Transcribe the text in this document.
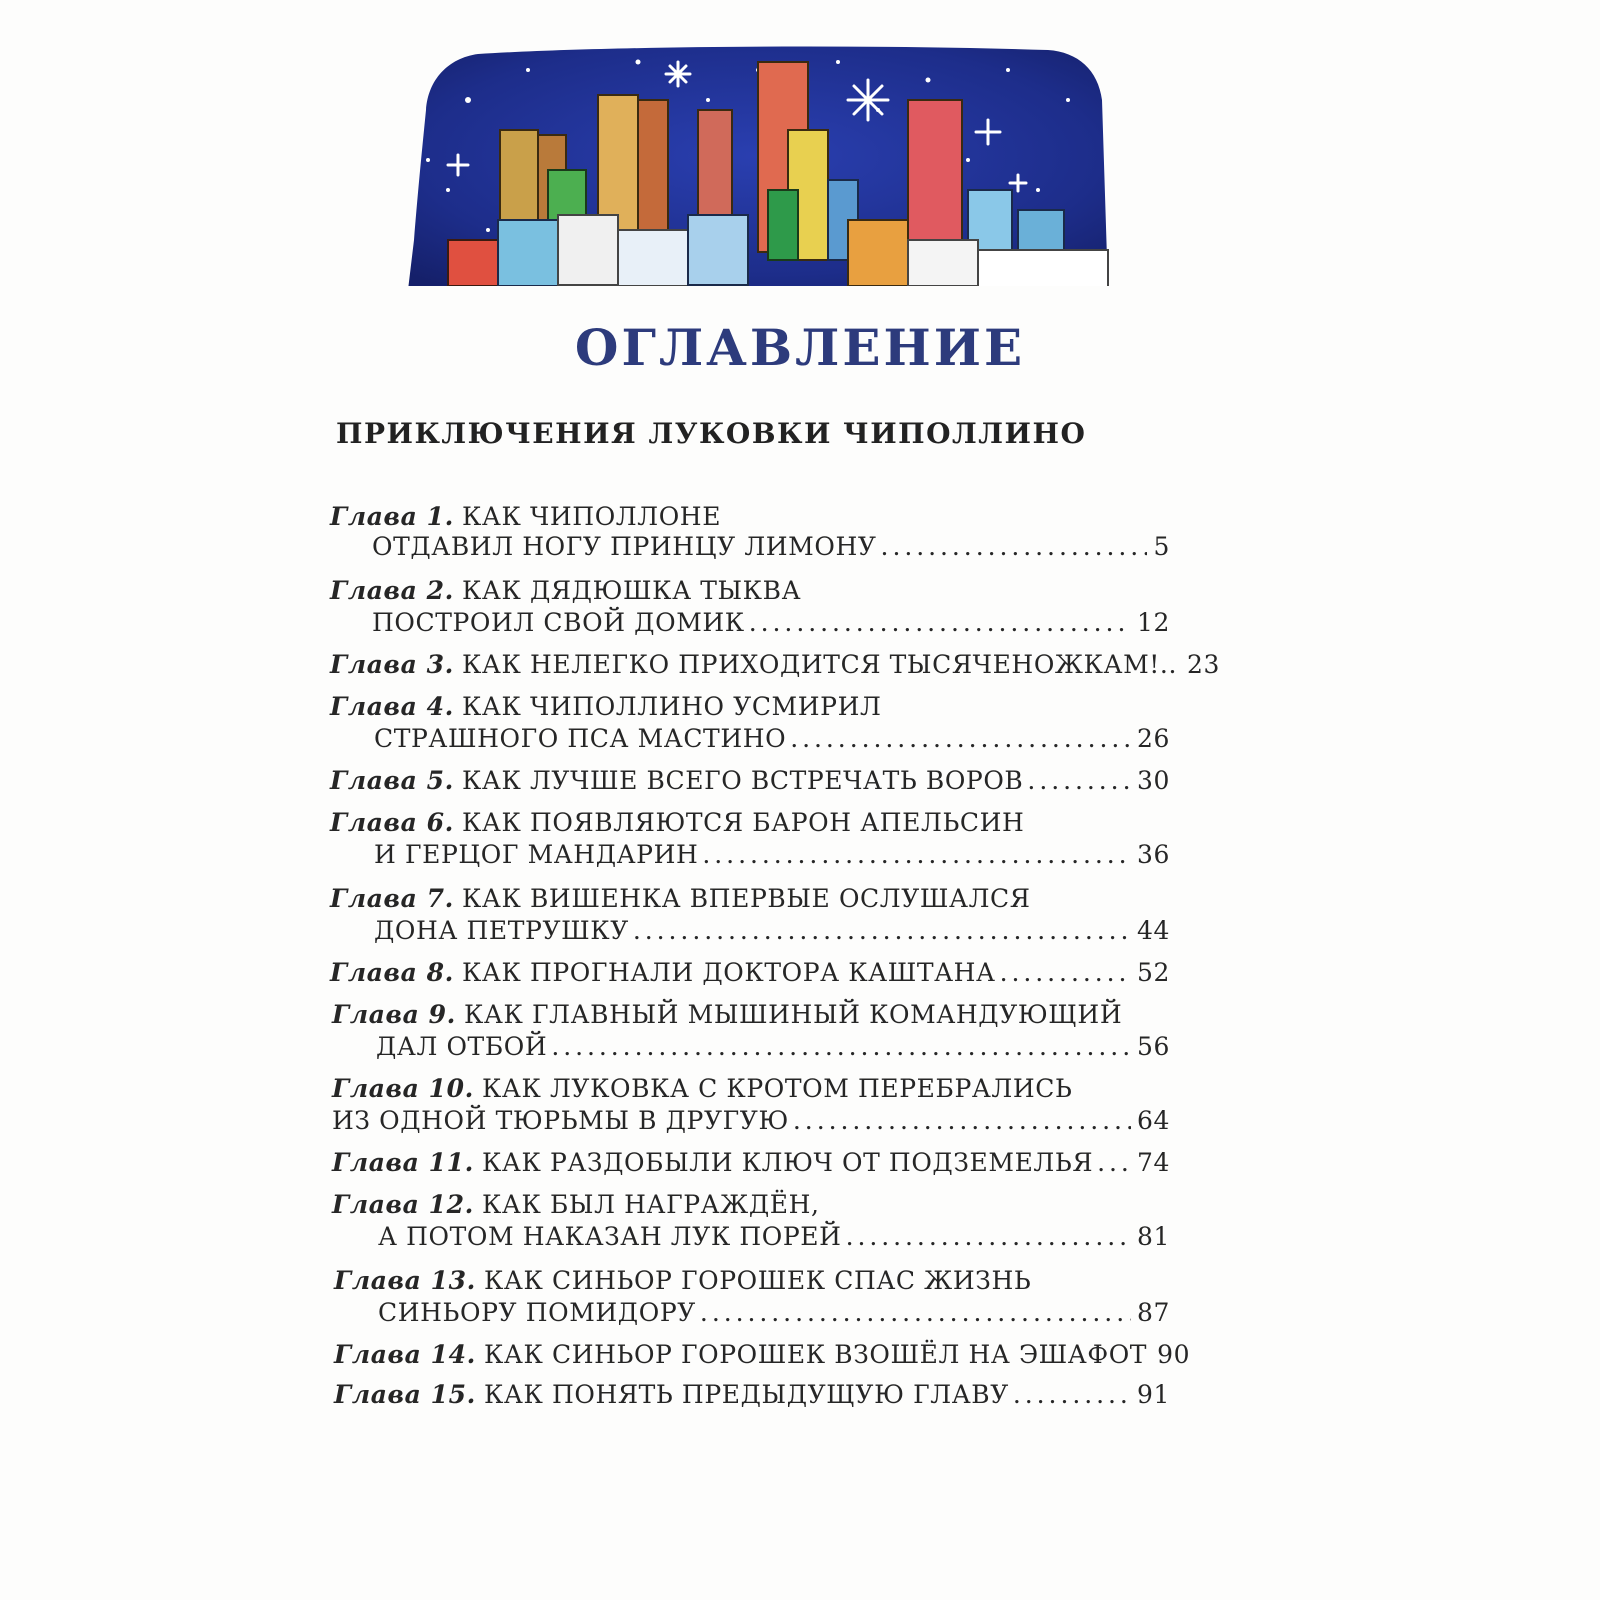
ОГЛАВЛЕНИЕ
ПРИКЛЮЧЕНИЯ ЛУКОВКИ ЧИПОЛЛИНО
Глава 1. КАК ЧИПОЛЛОНЕ
ОТДАВИЛ НОГУ ПРИНЦУ ЛИМОНУ . . .	5
Глава 2. КАК ДЯДЮШКА ТЫКВА
ПОСТРОИЛ СВОЙ ДОМИК . . .	12
Глава 3. КАК НЕЛЕГКО ПРИХОДИТСЯ ТЫСЯЧЕНОЖКАМ!.. 23
Глава 4. КАК ЧИПОЛЛИНО УСМИРИЛ
СТРАШНОГО ПСА МАСТИНО . . .	26
Глава 5. КАК ЛУЧШЕ ВСЕГО ВСТРЕЧАТЬ ВОРОВ . . .	30
Глава 6. КАК ПОЯВЛЯЮТСЯ БАРОН АПЕЛЬСИН
И ГЕРЦОГ МАНДАРИН . . .	36
Глава 7. КАК ВИШЕНКА ВПЕРВЫЕ ОСЛУШАЛСЯ
ДОНА ПЕТРУШКУ . . .	44
Глава 8. КАК ПРОГНАЛИ ДОКТОРА КАШТАНА . . .	52
Глава 9. КАК ГЛАВНЫЙ МЫШИНЫЙ КОМАНДУЮЩИЙ
ДАЛ ОТБОЙ . . .	56
Глава 10. КАК ЛУКОВКА С КРОТОМ ПЕРЕБРАЛИСЬ
ИЗ ОДНОЙ ТЮРЬМЫ В ДРУГУЮ . . .	64
Глава 11. КАК РАЗДОБЫЛИ КЛЮЧ ОТ ПОДЗЕМЕЛЬЯ . . . 74
Глава 12. КАК БЫЛ НАГРАЖДЁН,
А ПОТОМ НАКАЗАН ЛУК ПОРЕЙ . . .	81
Глава 13. КАК СИНЬОР ГОРОШЕК СПАС ЖИЗНЬ
СИНЬОРУ ПОМИДОРУ . . .	87
Глава 14. КАК СИНЬОР ГОРОШЕК ВЗОШЁЛ НА ЭШАФОТ 90
Глава 15. КАК ПОНЯТЬ ПРЕДЫДУЩУЮ ГЛАВУ . . .	91
